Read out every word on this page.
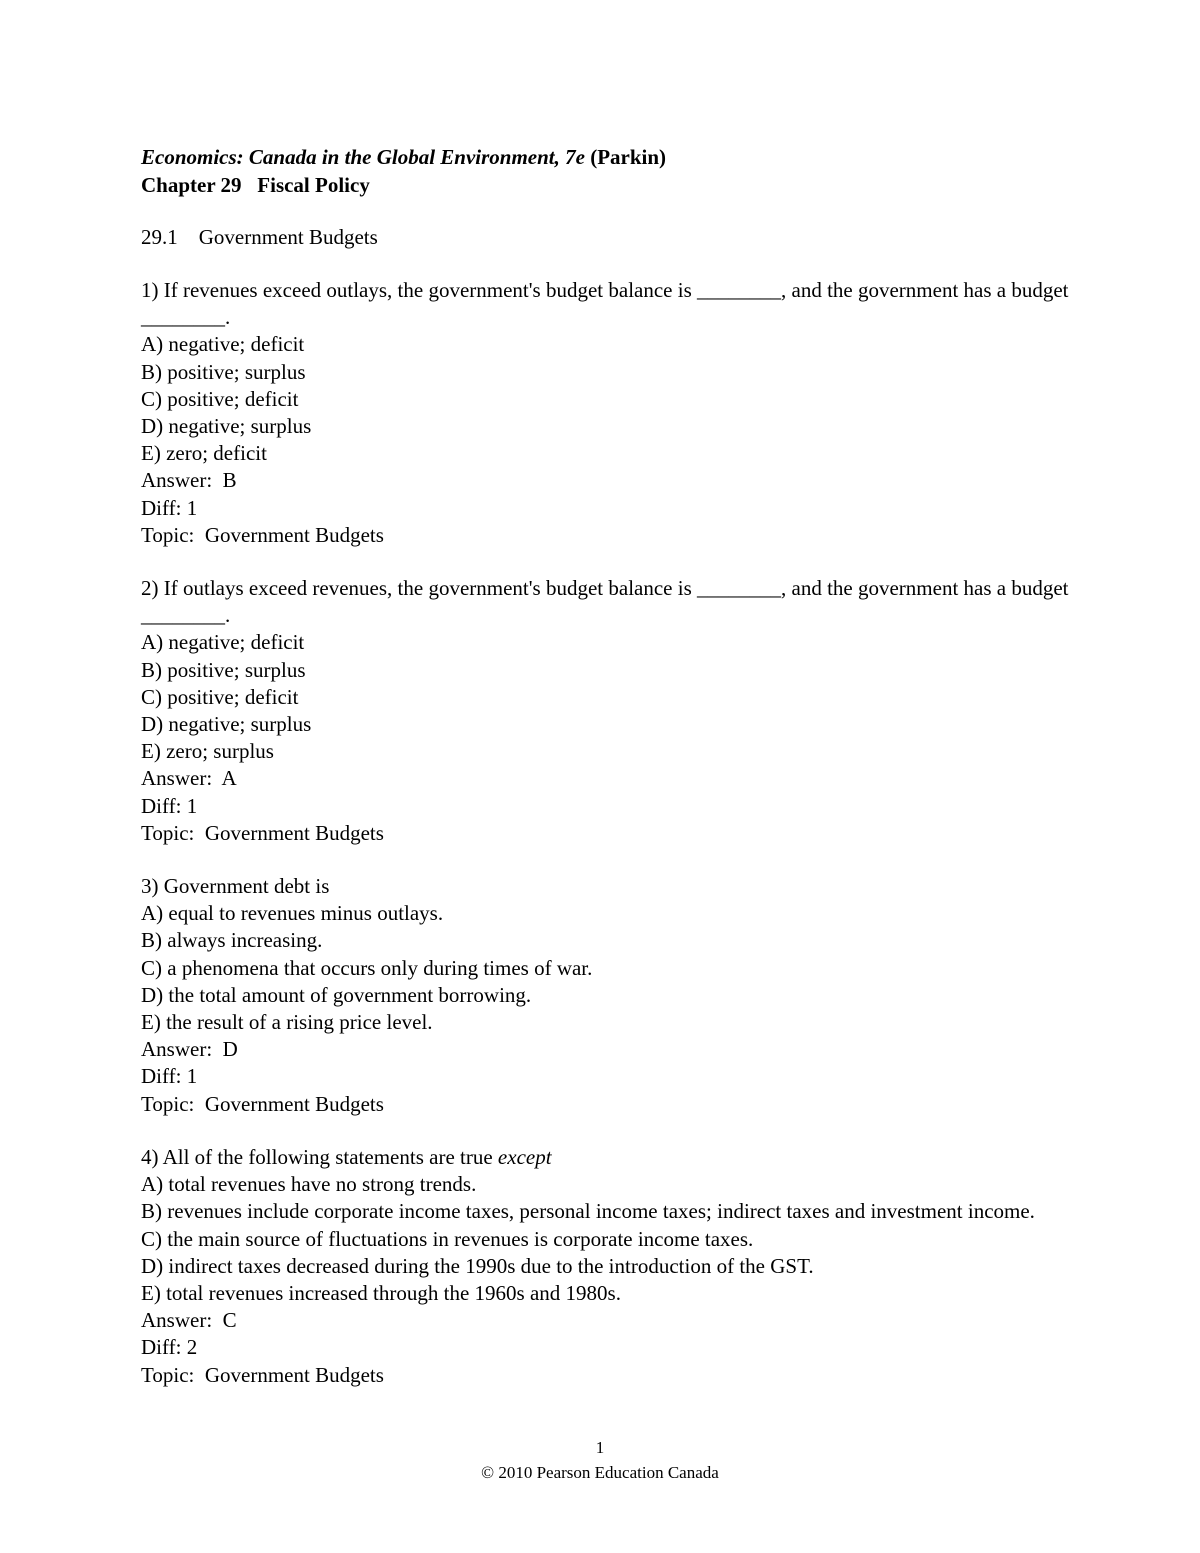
Economics: Canada in the Global Environment, 7e (Parkin)
Chapter 29   Fiscal Policy
29.1    Government Budgets
1) If revenues exceed outlays, the government's budget balance is ________, and the government has a budget ________.
A) negative; deficit
B) positive; surplus
C) positive; deficit
D) negative; surplus
E) zero; deficit
Answer:  B
Diff: 1
Topic:  Government Budgets
2) If outlays exceed revenues, the government's budget balance is ________, and the government has a budget ________.
A) negative; deficit
B) positive; surplus
C) positive; deficit
D) negative; surplus
E) zero; surplus
Answer:  A
Diff: 1
Topic:  Government Budgets
3) Government debt is
A) equal to revenues minus outlays.
B) always increasing.
C) a phenomena that occurs only during times of war.
D) the total amount of government borrowing.
E) the result of a rising price level.
Answer:  D
Diff: 1
Topic:  Government Budgets
4) All of the following statements are true except
A) total revenues have no strong trends.
B) revenues include corporate income taxes, personal income taxes; indirect taxes and investment income.
C) the main source of fluctuations in revenues is corporate income taxes.
D) indirect taxes decreased during the 1990s due to the introduction of the GST.
E) total revenues increased through the 1960s and 1980s.
Answer:  C
Diff: 2
Topic:  Government Budgets
1
© 2010 Pearson Education Canada
